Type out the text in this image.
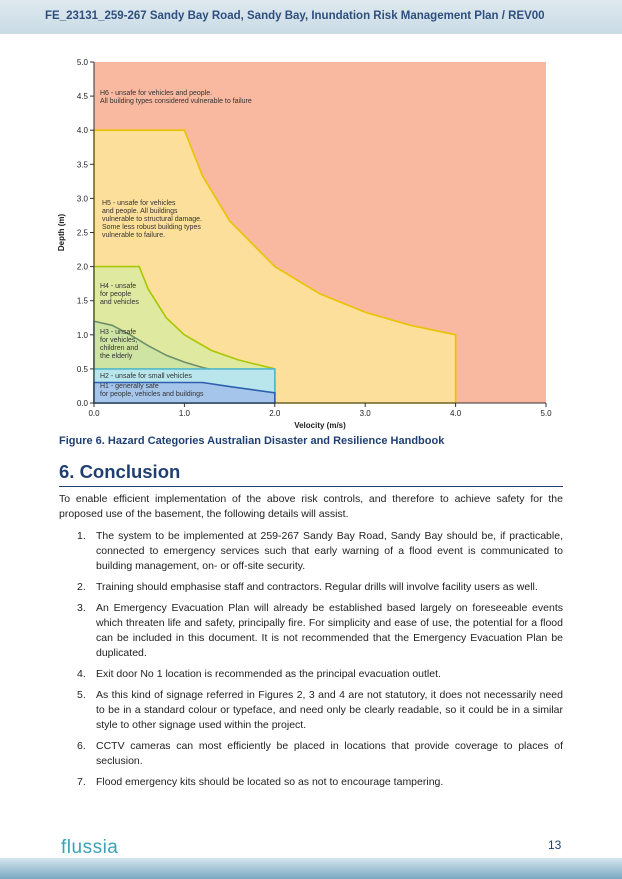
FE_23131_259-267 Sandy Bay Road, Sandy Bay, Inundation Risk Management Plan / REV00
H6 - unsafe for vehicles and people. All building types considered vulnerable to failure
H5 - unsafe for vehicles and people. All buildings vulnerable to structural damage. Some less robust building types vulnerable to failure.
H4 - unsafe for people and vehicles
H3 - unsafe for vehicles, children and the elderly
H2 - unsafe for small vehicles
H1 - generally safe for people, vehicles and buildings
0.0	1.0	2.0	3.0	4.0	5.0
0.0
0.5
1.0
1.5
2.0
2.5
3.0
3.5
4.0
4.5
5.0
Velocity (m/s)
Depth (m)
Figure 6. Hazard Categories Australian Disaster and Resilience Handbook
6. Conclusion
To enable efficient implementation of the above risk controls, and therefore to achieve safety for the proposed use of the basement, the following details will assist.
1. The system to be implemented at 259-267 Sandy Bay Road, Sandy Bay should be, if practicable, connected to emergency services such that early warning of a flood event is communicated to building management, on- or off-site security.
2. Training should emphasise staff and contractors. Regular drills will involve facility users as well.
3. An Emergency Evacuation Plan will already be established based largely on foreseeable events which threaten life and safety, principally fire. For simplicity and ease of use, the potential for a flood can be included in this document. It is not recommended that the Emergency Evacuation Plan be duplicated.
4. Exit door No 1 location is recommended as the principal evacuation outlet.
5. As this kind of signage referred in Figures 2, 3 and 4 are not statutory, it does not necessarily need to be in a standard colour or typeface, and need only be clearly readable, so it could be in a similar style to other signage used within the project.
6. CCTV cameras can most efficiently be placed in locations that provide coverage to places of seclusion.
7. Flood emergency kits should be located so as not to encourage tampering.
flussia	13
